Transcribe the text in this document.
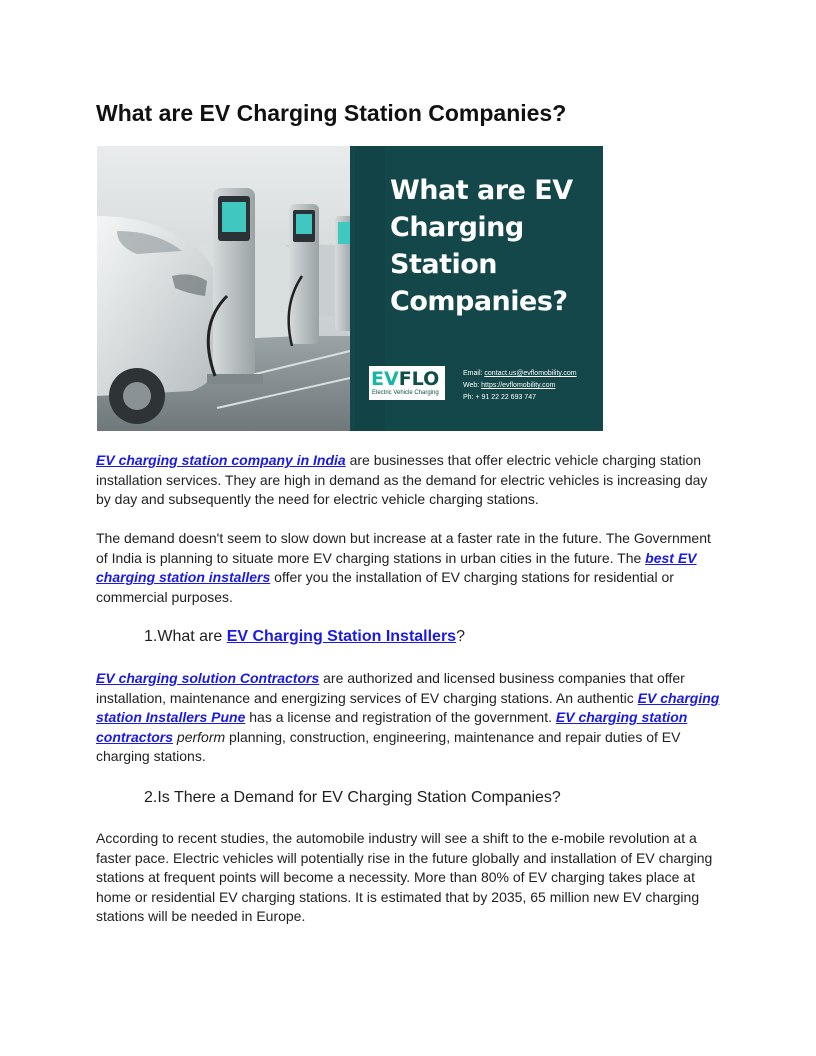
What are EV Charging Station Companies?
What are EV
Charging
Station
Companies?
EVFLO
Electric Vehicle Charging
Email: contact.us@evflomobility.com
Web: https://evflomobility.com
Ph: + 91 22 22 693 747

EV charging station company in India are businesses that offer electric vehicle charging station installation services. They are high in demand as the demand for electric vehicles is increasing day by day and subsequently the need for electric vehicle charging stations.

The demand doesn't seem to slow down but increase at a faster rate in the future. The Government of India is planning to situate more EV charging stations in urban cities in the future. The best EV charging station installers offer you the installation of EV charging stations for residential or commercial purposes.

1.What are EV Charging Station Installers?

EV charging solution Contractors are authorized and licensed business companies that offer installation, maintenance and energizing services of EV charging stations. An authentic EV charging station Installers Pune has a license and registration of the government. EV charging station contractors perform planning, construction, engineering, maintenance and repair duties of EV charging stations.

2.Is There a Demand for EV Charging Station Companies?

According to recent studies, the automobile industry will see a shift to the e-mobile revolution at a faster pace. Electric vehicles will potentially rise in the future globally and installation of EV charging stations at frequent points will become a necessity. More than 80% of EV charging takes place at home or residential EV charging stations. It is estimated that by 2035, 65 million new EV charging stations will be needed in Europe.
